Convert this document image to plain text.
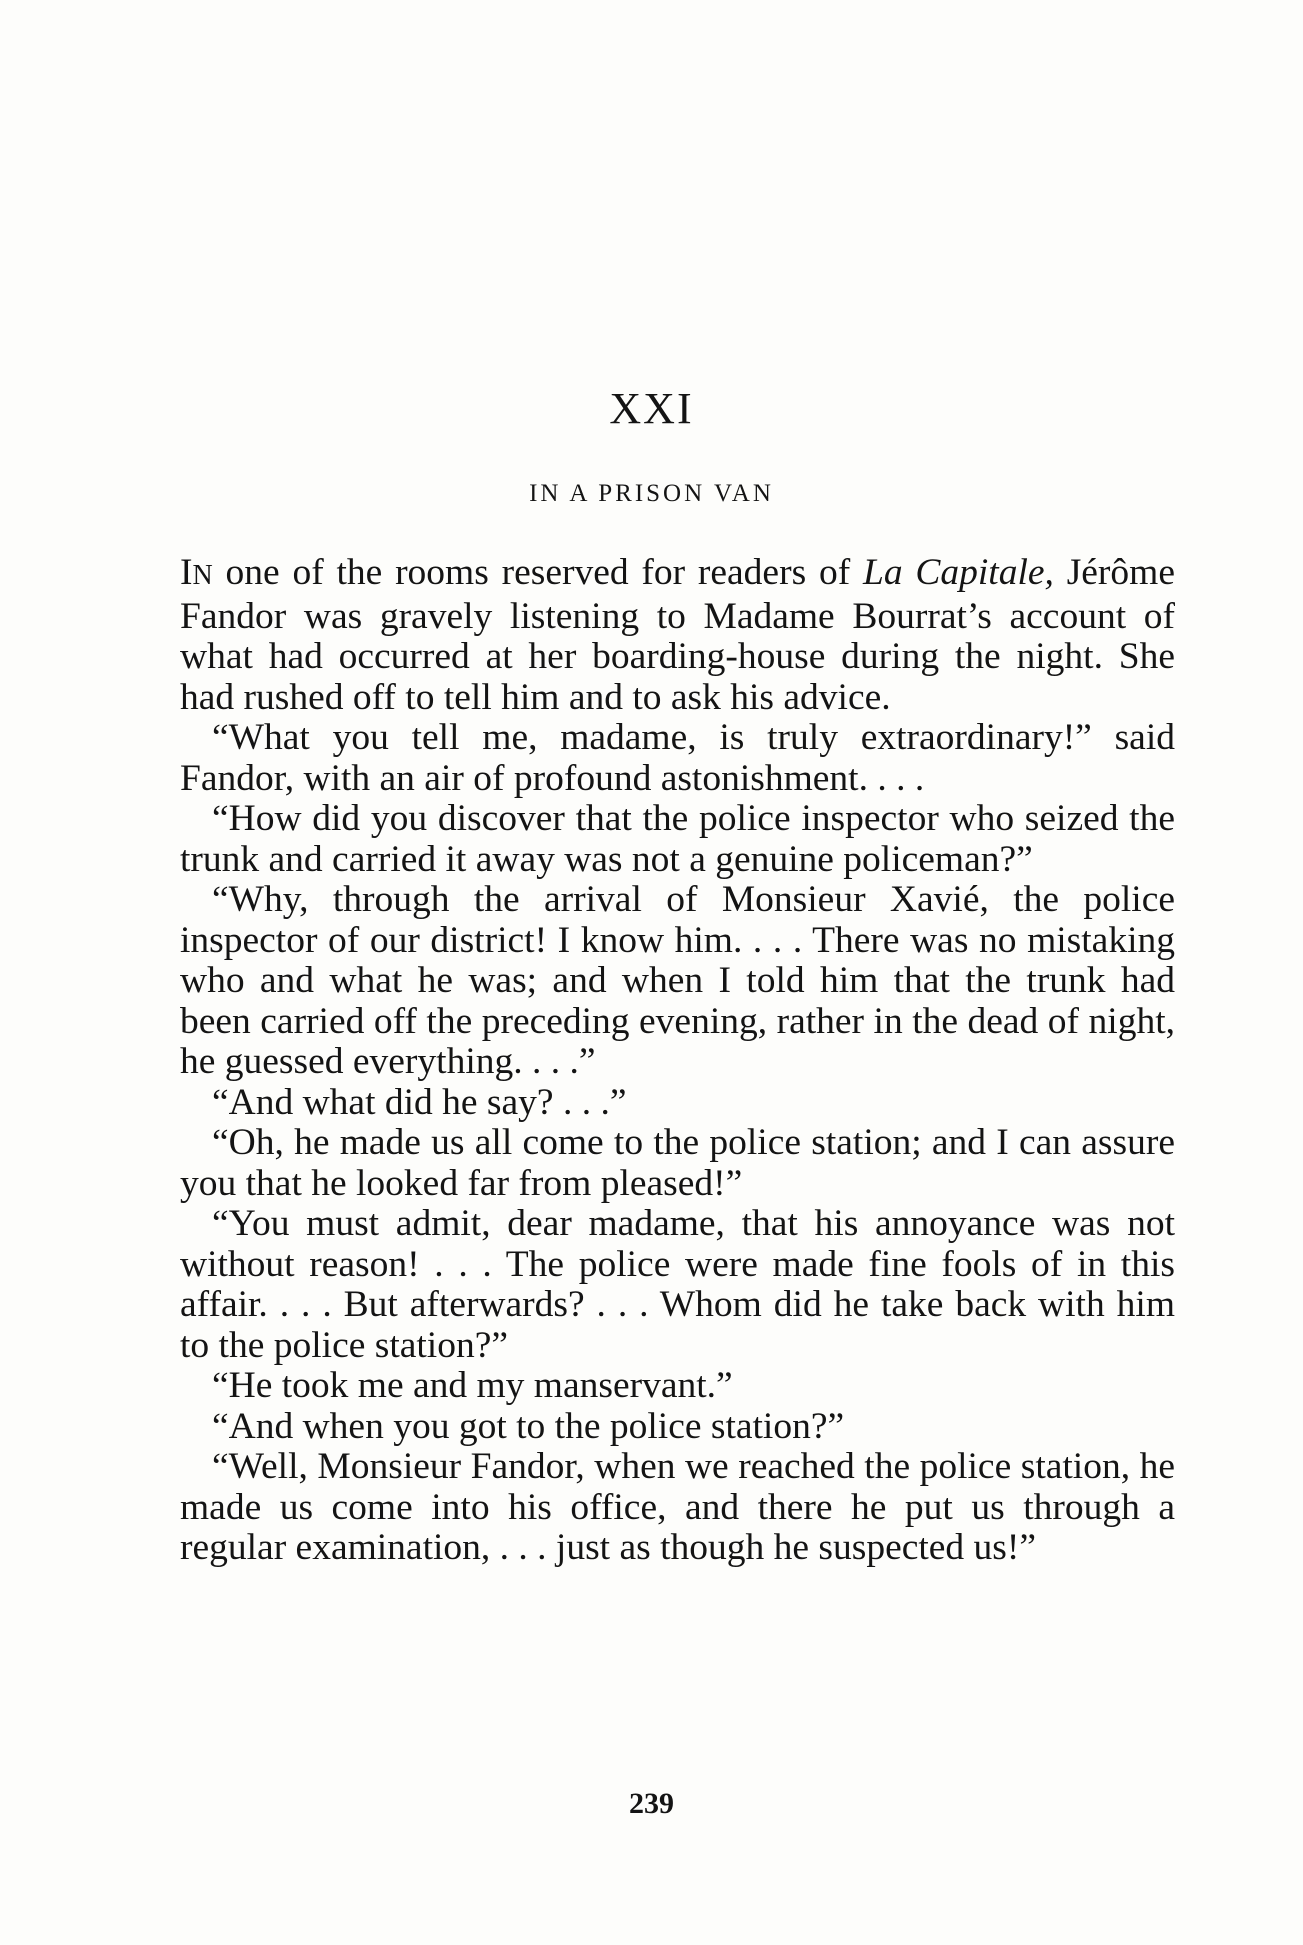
XXI
IN A PRISON VAN

IN one of the rooms reserved for readers of La Capitale, Jérôme Fandor was gravely listening to Madame Bourrat’s account of what had occurred at her boarding-house during the night. She had rushed off to tell him and to ask his advice.

“What you tell me, madame, is truly extraordinary!” said Fandor, with an air of profound astonishment. . . .

“How did you discover that the police inspector who seized the trunk and carried it away was not a genuine policeman?”

“Why, through the arrival of Monsieur Xavié, the police inspector of our district! I know him. . . . There was no mistaking who and what he was; and when I told him that the trunk had been carried off the preceding evening, rather in the dead of night, he guessed everything. . . .”

“And what did he say? . . .”

“Oh, he made us all come to the police station; and I can assure you that he looked far from pleased!”

“You must admit, dear madame, that his annoyance was not without reason! . . . The police were made fine fools of in this affair. . . . But afterwards? . . . Whom did he take back with him to the police station?”

“He took me and my manservant.”

“And when you got to the police station?”

“Well, Monsieur Fandor, when we reached the police station, he made us come into his office, and there he put us through a regular examination, . . . just as though he suspected us!”

239
